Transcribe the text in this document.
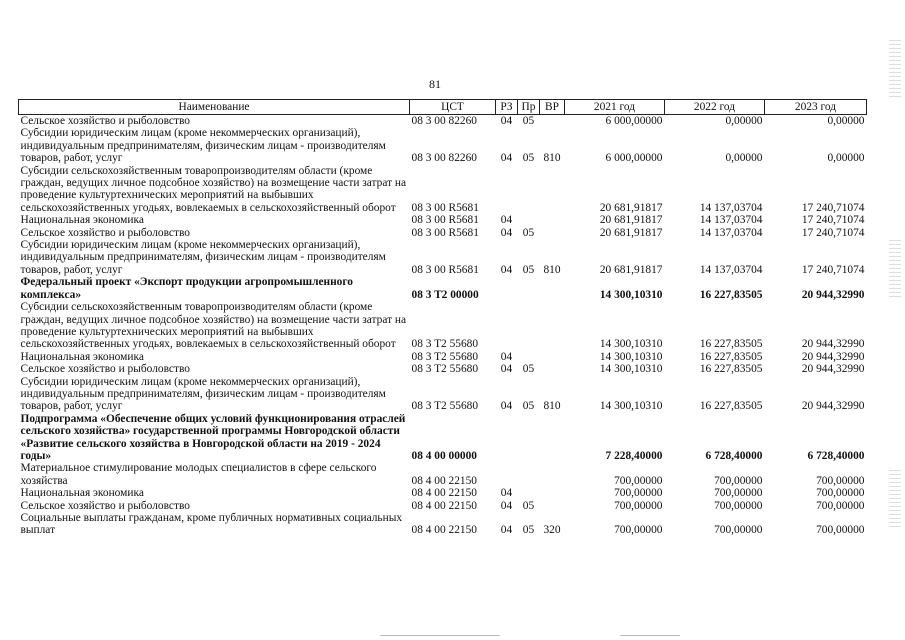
81
Наименование	ЦСТ	РЗ	Пр	ВР	2021 год	2022 год	2023 год
Сельское хозяйство и рыболовство	08 3 00 82260	04	05		6 000,00000	0,00000	0,00000
Субсидии юридическим лицам (кроме некоммерческих организаций), индивидуальным предпринимателям, физическим лицам - производителям товаров, работ, услуг	08 3 00 82260	04	05	810	6 000,00000	0,00000	0,00000
Субсидии сельскохозяйственным товаропроизводителям области (кроме граждан, ведущих личное подсобное хозяйство) на возмещение части затрат на проведение культуртехнических мероприятий на выбывших сельскохозяйственных угодьях, вовлекаемых в сельскохозяйственный оборот	08 3 00 R5681				20 681,91817	14 137,03704	17 240,71074
Национальная экономика	08 3 00 R5681	04			20 681,91817	14 137,03704	17 240,71074
Сельское хозяйство и рыболовство	08 3 00 R5681	04	05		20 681,91817	14 137,03704	17 240,71074
Субсидии юридическим лицам (кроме некоммерческих организаций), индивидуальным предпринимателям, физическим лицам - производителям товаров, работ, услуг	08 3 00 R5681	04	05	810	20 681,91817	14 137,03704	17 240,71074
Федеральный проект «Экспорт продукции агропромышленного комплекса»	08 3 T2 00000				14 300,10310	16 227,83505	20 944,32990
Субсидии сельскохозяйственным товаропроизводителям области (кроме граждан, ведущих личное подсобное хозяйство) на возмещение части затрат на проведение культуртехнических мероприятий на выбывших сельскохозяйственных угодьях, вовлекаемых в сельскохозяйственный оборот	08 3 T2 55680				14 300,10310	16 227,83505	20 944,32990
Национальная экономика	08 3 T2 55680	04			14 300,10310	16 227,83505	20 944,32990
Сельское хозяйство и рыболовство	08 3 T2 55680	04	05		14 300,10310	16 227,83505	20 944,32990
Субсидии юридическим лицам (кроме некоммерческих организаций), индивидуальным предпринимателям, физическим лицам - производителям товаров, работ, услуг	08 3 T2 55680	04	05	810	14 300,10310	16 227,83505	20 944,32990
Подпрограмма «Обеспечение общих условий функционирования отраслей сельского хозяйства» государственной программы Новгородской области «Развитие сельского хозяйства в Новгородской области на 2019 - 2024 годы»	08 4 00 00000				7 228,40000	6 728,40000	6 728,40000
Материальное стимулирование молодых специалистов в сфере сельского хозяйства	08 4 00 22150				700,00000	700,00000	700,00000
Национальная экономика	08 4 00 22150	04			700,00000	700,00000	700,00000
Сельское хозяйство и рыболовство	08 4 00 22150	04	05		700,00000	700,00000	700,00000
Социальные выплаты гражданам, кроме публичных нормативных социальных выплат	08 4 00 22150	04	05	320	700,00000	700,00000	700,00000
